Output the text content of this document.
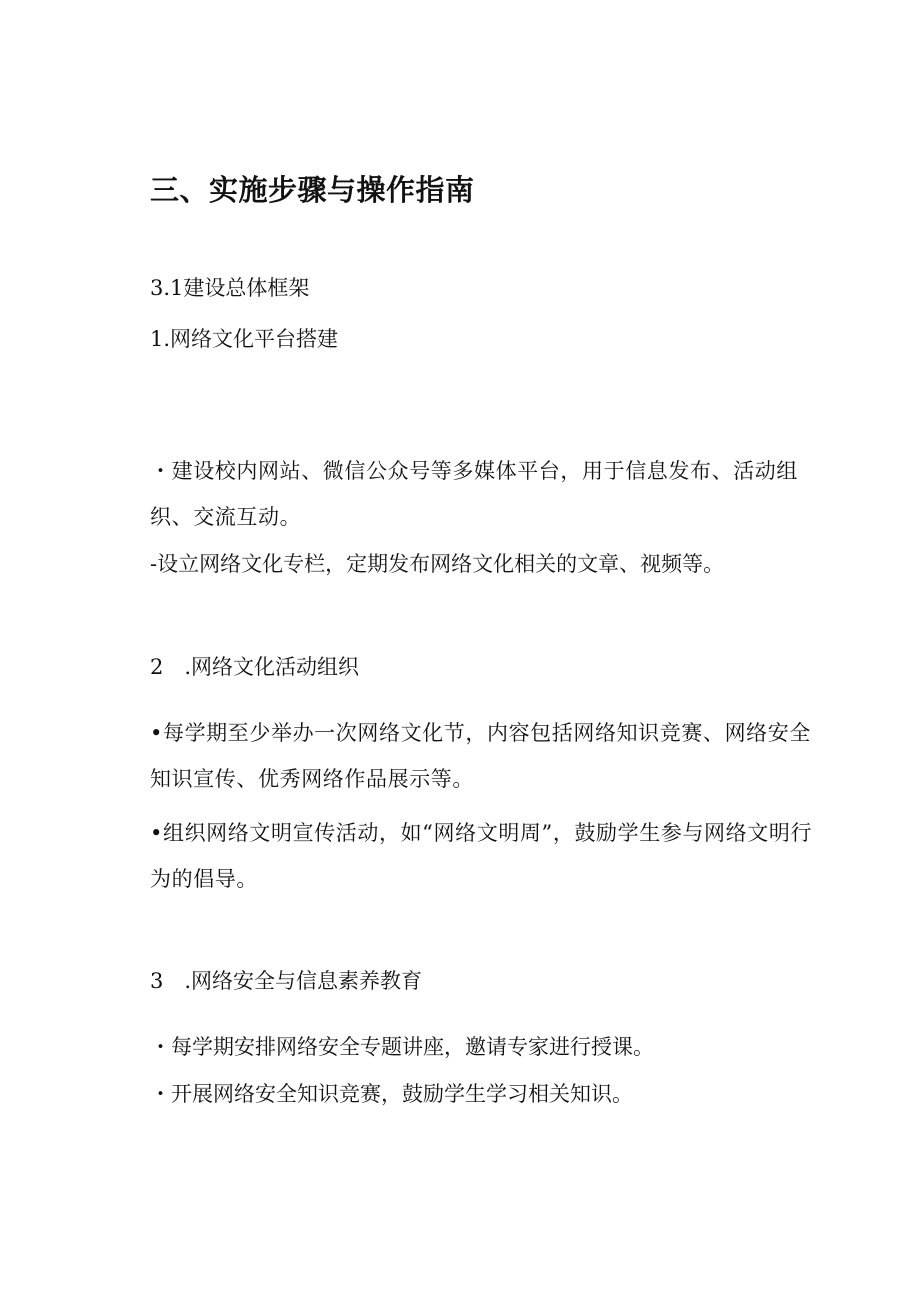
三、实施步骤与操作指南

3.1建设总体框架

1.网络文化平台搭建

・建设校内网站、微信公众号等多媒体平台，用于信息发布、活动组织、交流互动。

-设立网络文化专栏，定期发布网络文化相关的文章、视频等。

2　.网络文化活动组织

•每学期至少举办一次网络文化节，内容包括网络知识竞赛、网络安全知识宣传、优秀网络作品展示等。

•组织网络文明宣传活动，如“网络文明周”，鼓励学生参与网络文明行为的倡导。

3　.网络安全与信息素养教育

・每学期安排网络安全专题讲座，邀请专家进行授课。

・开展网络安全知识竞赛，鼓励学生学习相关知识。
